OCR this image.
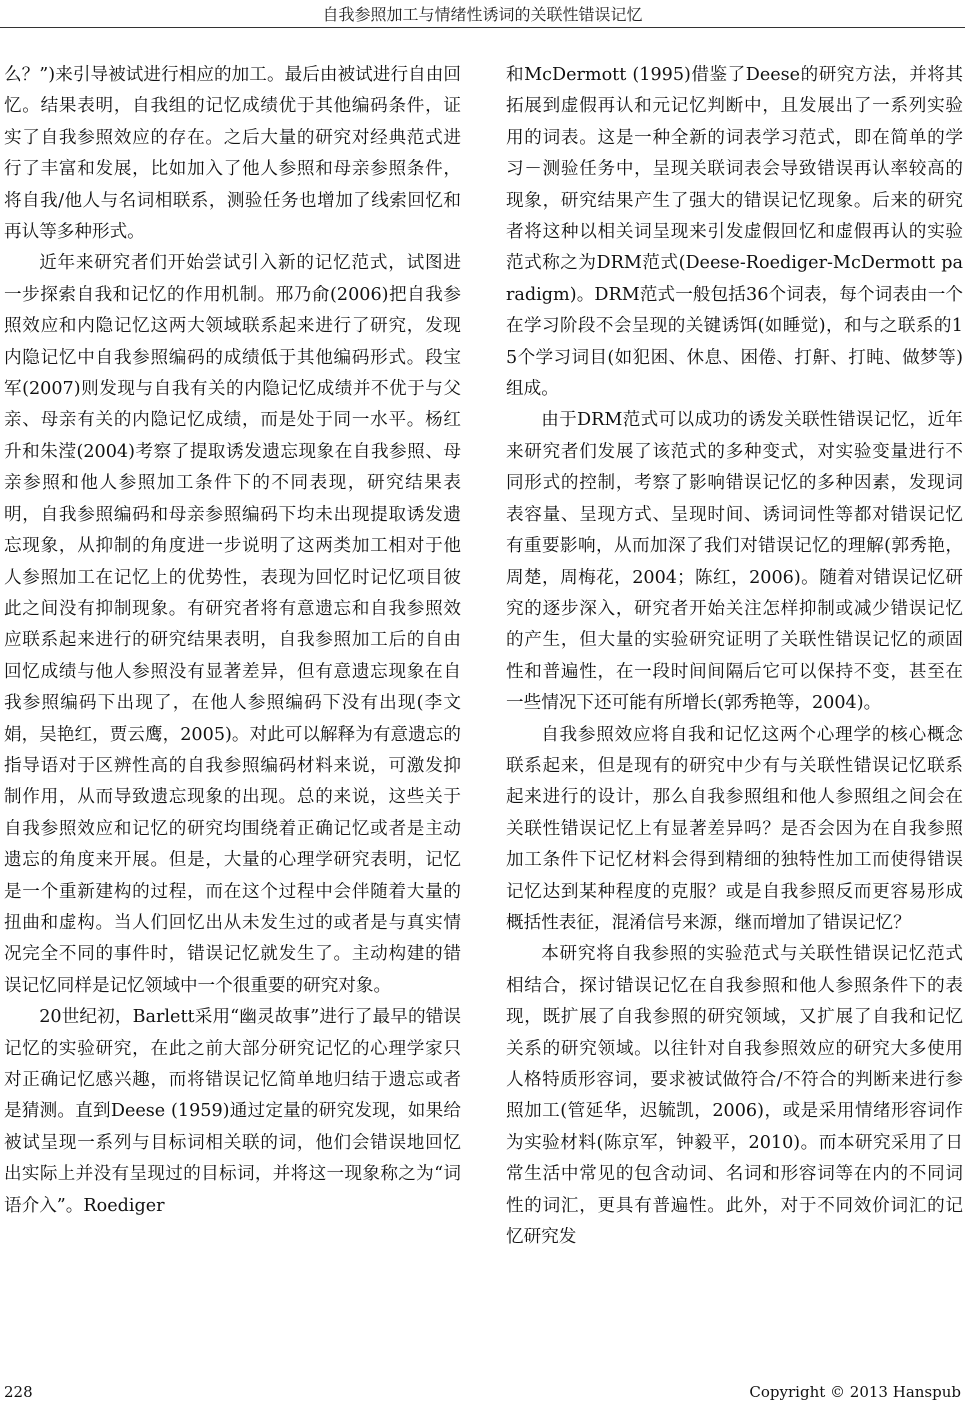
自我参照加工与情绪性诱词的关联性错误记忆

么？”)来引导被试进行相应的加工。最后由被试进行自由回忆。结果表明，自我组的记忆成绩优于其他编码条件，证实了自我参照效应的存在。之后大量的研究对经典范式进行了丰富和发展，比如加入了他人参照和母亲参照条件，将自我/他人与名词相联系，测验任务也增加了线索回忆和再认等多种形式。

近年来研究者们开始尝试引入新的记忆范式，试图进一步探索自我和记忆的作用机制。邢乃俞(2006)把自我参照效应和内隐记忆这两大领域联系起来进行了研究，发现内隐记忆中自我参照编码的成绩低于其他编码形式。段宝军(2007)则发现与自我有关的内隐记忆成绩并不优于与父亲、母亲有关的内隐记忆成绩，而是处于同一水平。杨红升和朱滢(2004)考察了提取诱发遗忘现象在自我参照、母亲参照和他人参照加工条件下的不同表现，研究结果表明，自我参照编码和母亲参照编码下均未出现提取诱发遗忘现象，从抑制的角度进一步说明了这两类加工相对于他人参照加工在记忆上的优势性，表现为回忆时记忆项目彼此之间没有抑制现象。有研究者将有意遗忘和自我参照效应联系起来进行的研究结果表明，自我参照加工后的自由回忆成绩与他人参照没有显著差异，但有意遗忘现象在自我参照编码下出现了，在他人参照编码下没有出现(李文娟，吴艳红，贾云鹰，2005)。对此可以解释为有意遗忘的指导语对于区辨性高的自我参照编码材料来说，可激发抑制作用，从而导致遗忘现象的出现。总的来说，这些关于自我参照效应和记忆的研究均围绕着正确记忆或者是主动遗忘的角度来开展。但是，大量的心理学研究表明，记忆是一个重新建构的过程，而在这个过程中会伴随着大量的扭曲和虚构。当人们回忆出从未发生过的或者是与真实情况完全不同的事件时，错误记忆就发生了。主动构建的错误记忆同样是记忆领域中一个很重要的研究对象。

20世纪初，Barlett采用“幽灵故事”进行了最早的错误记忆的实验研究，在此之前大部分研究记忆的心理学家只对正确记忆感兴趣，而将错误记忆简单地归结于遗忘或者是猜测。直到Deese (1959)通过定量的研究发现，如果给被试呈现一系列与目标词相关联的词，他们会错误地回忆出实际上并没有呈现过的目标词，并将这一现象称之为“词语介入”。Roediger

和McDermott (1995)借鉴了Deese的研究方法，并将其拓展到虚假再认和元记忆判断中，且发展出了一系列实验用的词表。这是一种全新的词表学习范式，即在简单的学习－测验任务中，呈现关联词表会导致错误再认率较高的现象，研究结果产生了强大的错误记忆现象。后来的研究者将这种以相关词呈现来引发虚假回忆和虚假再认的实验范式称之为DRM范式(Deese-Roediger-McDermott paradigm)。DRM范式一般包括36个词表，每个词表由一个在学习阶段不会呈现的关键诱饵(如睡觉)，和与之联系的15个学习词目(如犯困、休息、困倦、打鼾、打盹、做梦等)组成。

由于DRM范式可以成功的诱发关联性错误记忆，近年来研究者们发展了该范式的多种变式，对实验变量进行不同形式的控制，考察了影响错误记忆的多种因素，发现词表容量、呈现方式、呈现时间、诱词词性等都对错误记忆有重要影响，从而加深了我们对错误记忆的理解(郭秀艳，周楚，周梅花，2004；陈红，2006)。随着对错误记忆研究的逐步深入，研究者开始关注怎样抑制或减少错误记忆的产生，但大量的实验研究证明了关联性错误记忆的顽固性和普遍性，在一段时间间隔后它可以保持不变，甚至在一些情况下还可能有所增长(郭秀艳等，2004)。

自我参照效应将自我和记忆这两个心理学的核心概念联系起来，但是现有的研究中少有与关联性错误记忆联系起来进行的设计，那么自我参照组和他人参照组之间会在关联性错误记忆上有显著差异吗？是否会因为在自我参照加工条件下记忆材料会得到精细的独特性加工而使得错误记忆达到某种程度的克服？或是自我参照反而更容易形成概括性表征，混淆信号来源，继而增加了错误记忆？

本研究将自我参照的实验范式与关联性错误记忆范式相结合，探讨错误记忆在自我参照和他人参照条件下的表现，既扩展了自我参照的研究领域，又扩展了自我和记忆关系的研究领域。以往针对自我参照效应的研究大多使用人格特质形容词，要求被试做符合/不符合的判断来进行参照加工(管延华，迟毓凯，2006)，或是采用情绪形容词作为实验材料(陈京军，钟毅平，2010)。而本研究采用了日常生活中常见的包含动词、名词和形容词等在内的不同词性的词汇，更具有普遍性。此外，对于不同效价词汇的记忆研究发

228	Copyright © 2013 Hanspub
